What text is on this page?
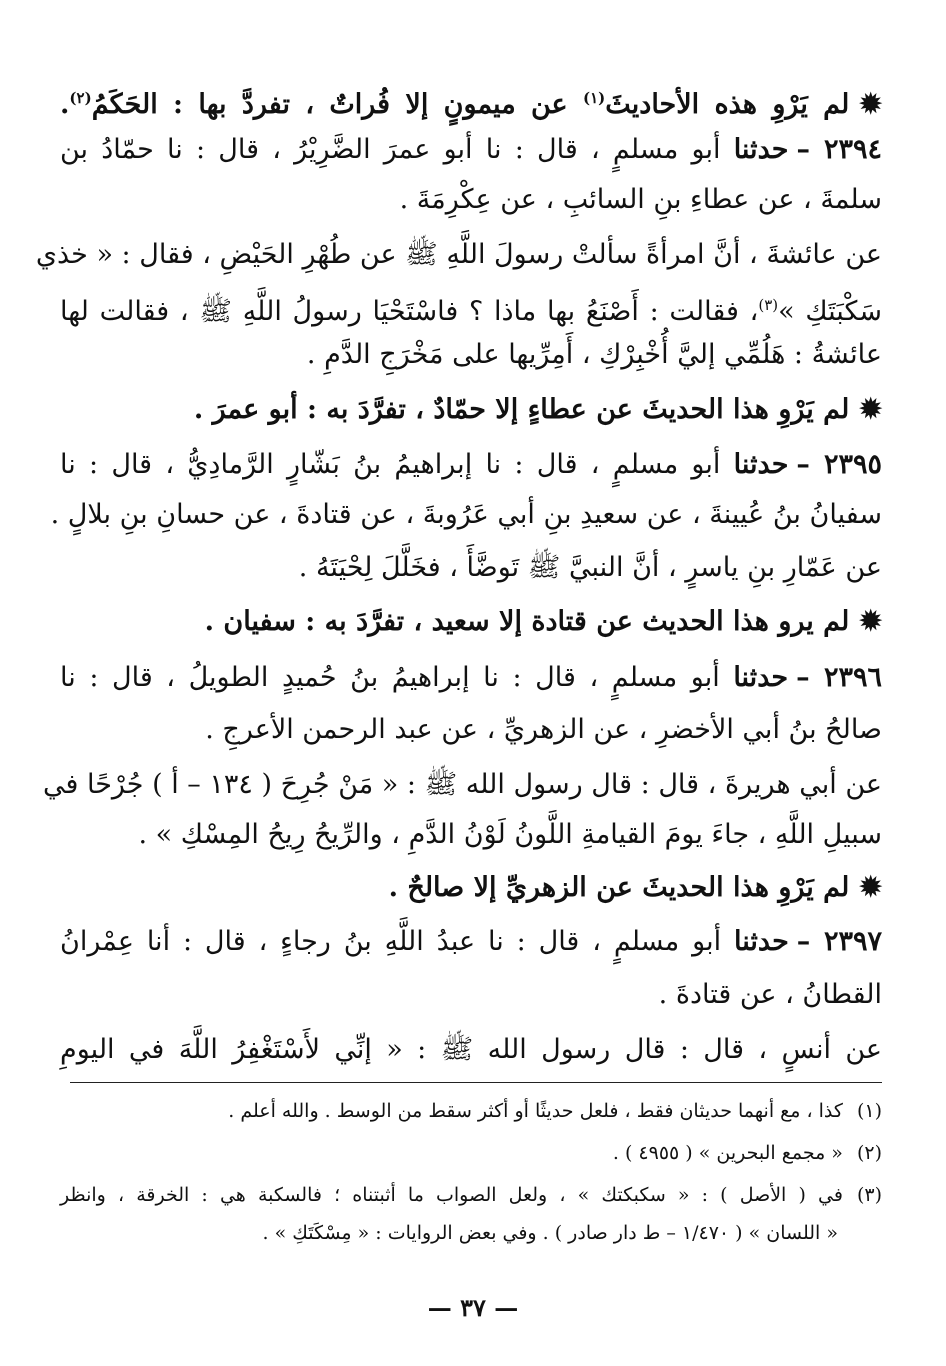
✹لم يَرْوِ هذه الأحاديثَ$^{(١)}$ عن ميمونٍ إلا فُراتٌ ، تفردَّ بها : الحَكَمُ$^{(٢)}$.
٢٣٩٤ –حدثنا أبو مسلمٍ ، قال : نا أبو عمرَ الضَّرِيْرُ ، قال : نا حمّادُ بن
سلمةَ ، عن عطاءِ بنِ السائبِ ، عن عِكْرِمَةَ .
عن عائشةَ ، أنَّ امرأةً سألتْ رسولَ اللَّهِ ﷺ عن طُهْرِ الحَيْضِ ، فقال : « خذي
سَكْبَتَكِ »$^{(٣)}$، فقالت : أَصْنَعُ بها ماذا ؟ فاسْتَحْيَا رسولُ اللَّهِ ﷺ ، فقالت لها
عائشةُ : هَلُمِّي إليَّ أُخْبِرْكِ ، أَمِرِّيها على مَخْرَجِ الدَّمِ .
✹لم يَرْوِ هذا الحديثَ عن عطاءٍ إلا حمّادٌ ، تفرَّدَ به : أبو عمرَ .
٢٣٩٥ –حدثنا أبو مسلمٍ ، قال : نا إبراهيمُ بنُ بَشّارٍ الرَّمادِيُّ ، قال : نا
سفيانُ بنُ عُيينةَ ، عن سعيدِ بنِ أبي عَرُوبةَ ، عن قتادةَ ، عن حسانِ بنِ بلالٍ .
عن عَمّارِ بنِ ياسرٍ ، أنَّ النبيَّ ﷺ تَوضَّأَ ، فخَلَّلَ لِحْيَتَهُ .
✹لم يرو هذا الحديث عن قتادة إلا سعيد ، تفرَّدَ به : سفيان .
٢٣٩٦ –حدثنا أبو مسلمٍ ، قال : نا إبراهيمُ بنُ حُميدٍ الطويلُ ، قال : نا
صالحُ بنُ أبي الأخضرِ ، عن الزهريِّ ، عن عبد الرحمن الأعرجِ .
عن أبي هريرةَ ، قال : قال رسول الله ﷺ : « مَنْ جُرِحَ ( ١٣٤ – أ ) جُرْحًا في
سبيلِ اللَّهِ ، جاءَ يومَ القيامةِ اللَّونُ لَوْنُ الدَّمِ ، والرِّيحُ رِيحُ المِسْكِ » .
✹لم يَرْوِ هذا الحديثَ عن الزهريِّ إلا صالحٌ .
٢٣٩٧ –حدثنا أبو مسلمٍ ، قال : نا عبدُ اللَّهِ بنُ رجاءٍ ، قال : أنا عِمْرانُ
القطانُ ، عن قتادةَ .
عن أنسٍ ، قال : قال رسول الله ﷺ : « إنِّي لأَسْتَغْفِرُ اللَّهَ في اليومِ
(١)كذا ، مع أنهما حديثان فقط ، فلعل حديثًا أو أكثر سقط من الوسط . والله أعلم .
(٢)« مجمع البحرين » ( ٤٩٥٥ ) .
(٣)في ( الأصل ) : « سكبكتك » ، ولعل الصواب ما أثبتناه ؛ فالسكبة هي : الخرقة ، وانظر
« اللسان » ( ١/٤٧٠ – ط دار صادر ) . وفي بعض الروايات : « مِسْكَتَكِ » .
— ٣٧ —
